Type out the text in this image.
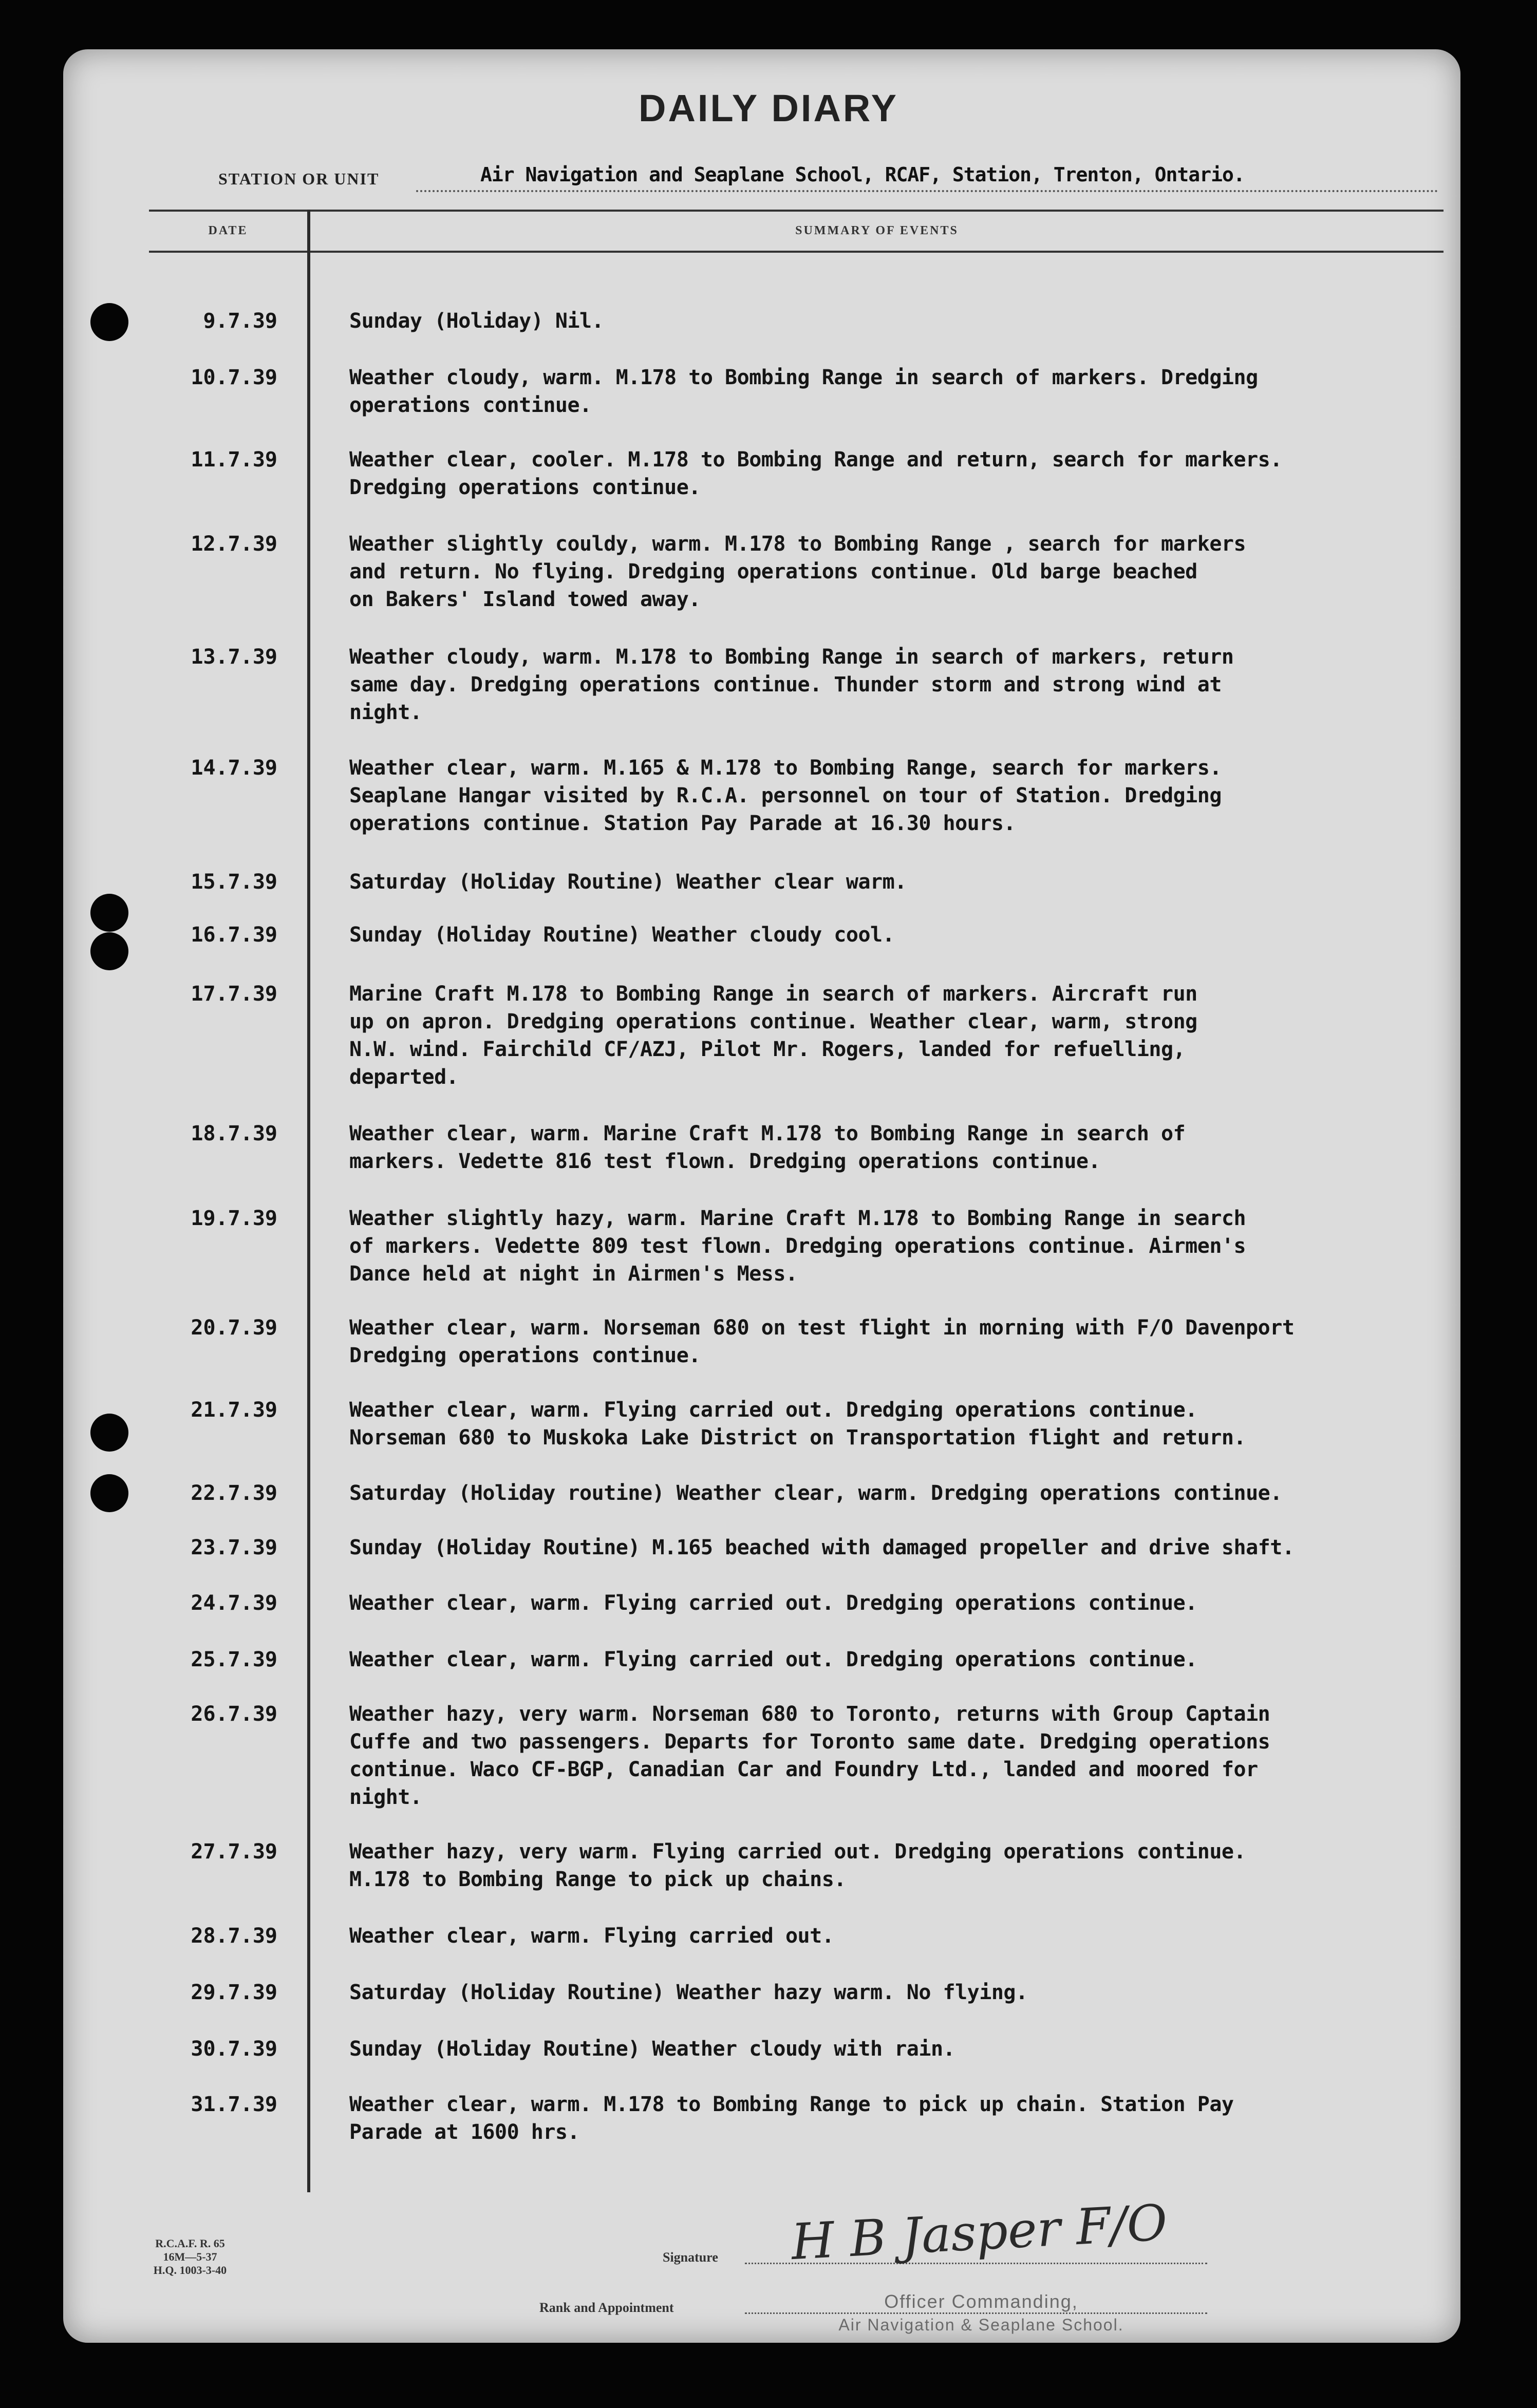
DAILY DIARY
STATION OR UNIT	Air Navigation and Seaplane School, RCAF, Station, Trenton, Ontario.
DATE	SUMMARY OF EVENTS
9.7.39	Sunday (Holiday) Nil.
10.7.39	Weather cloudy, warm. M.178 to Bombing Range in search of markers. Dredging
operations continue.
11.7.39	Weather clear, cooler. M.178 to Bombing Range and return, search for markers.
Dredging operations continue.
12.7.39	Weather slightly couldy, warm. M.178 to Bombing Range , search for markers
and return. No flying. Dredging operations continue. Old barge beached
on Bakers' Island towed away.
13.7.39	Weather cloudy, warm. M.178 to Bombing Range in search of markers, return
same day. Dredging operations continue. Thunder storm and strong wind at
night.
14.7.39	Weather clear, warm. M.165 & M.178 to Bombing Range, search for markers.
Seaplane Hangar visited by R.C.A. personnel on tour of Station. Dredging
operations continue. Station Pay Parade at 16.30 hours.
15.7.39	Saturday (Holiday Routine) Weather clear warm.
16.7.39	Sunday (Holiday Routine) Weather cloudy cool.
17.7.39	Marine Craft M.178 to Bombing Range in search of markers. Aircraft run
up on apron. Dredging operations continue. Weather clear, warm, strong
N.W. wind. Fairchild CF/AZJ, Pilot Mr. Rogers, landed for refuelling,
departed.
18.7.39	Weather clear, warm. Marine Craft M.178 to Bombing Range in search of
markers. Vedette 816 test flown. Dredging operations continue.
19.7.39	Weather slightly hazy, warm. Marine Craft M.178 to Bombing Range in search
of markers. Vedette 809 test flown. Dredging operations continue. Airmen's
Dance held at night in Airmen's Mess.
20.7.39	Weather clear, warm. Norseman 680 on test flight in morning with F/O Davenport
Dredging operations continue.
21.7.39	Weather clear, warm. Flying carried out. Dredging operations continue.
Norseman 680 to Muskoka Lake District on Transportation flight and return.
22.7.39	Saturday (Holiday routine) Weather clear, warm. Dredging operations continue.
23.7.39	Sunday (Holiday Routine) M.165 beached with damaged propeller and drive shaft.
24.7.39	Weather clear, warm. Flying carried out. Dredging operations continue.
25.7.39	Weather clear, warm. Flying carried out. Dredging operations continue.
26.7.39	Weather hazy, very warm. Norseman 680 to Toronto, returns with Group Captain
Cuffe and two passengers. Departs for Toronto same date. Dredging operations
continue. Waco CF-BGP, Canadian Car and Foundry Ltd., landed and moored for
night.
27.7.39	Weather hazy, very warm. Flying carried out. Dredging operations continue.
M.178 to Bombing Range to pick up chains.
28.7.39	Weather clear, warm. Flying carried out.
29.7.39	Saturday (Holiday Routine) Weather hazy warm. No flying.
30.7.39	Sunday (Holiday Routine) Weather cloudy with rain.
31.7.39	Weather clear, warm. M.178 to Bombing Range to pick up chain. Station Pay
Parade at 1600 hrs.
R.C.A.F. R. 65
16M—5-37
H.Q. 1003-3-40
Signature H B Jasper F/O
Rank and Appointment	Officer Commanding,
Air Navigation & Seaplane School.
